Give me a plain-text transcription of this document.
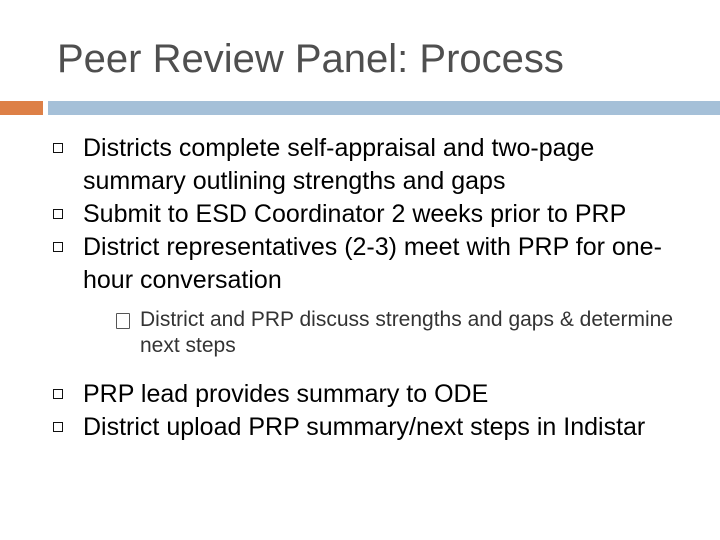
Peer Review Panel: Process
Districts complete self-appraisal and two-page summary outlining strengths and gaps
Submit to ESD Coordinator 2 weeks prior to PRP
District representatives (2-3) meet with PRP for one-hour conversation
District and PRP discuss strengths and gaps & determine next steps
PRP lead provides summary to ODE
District upload PRP summary/next steps in Indistar
